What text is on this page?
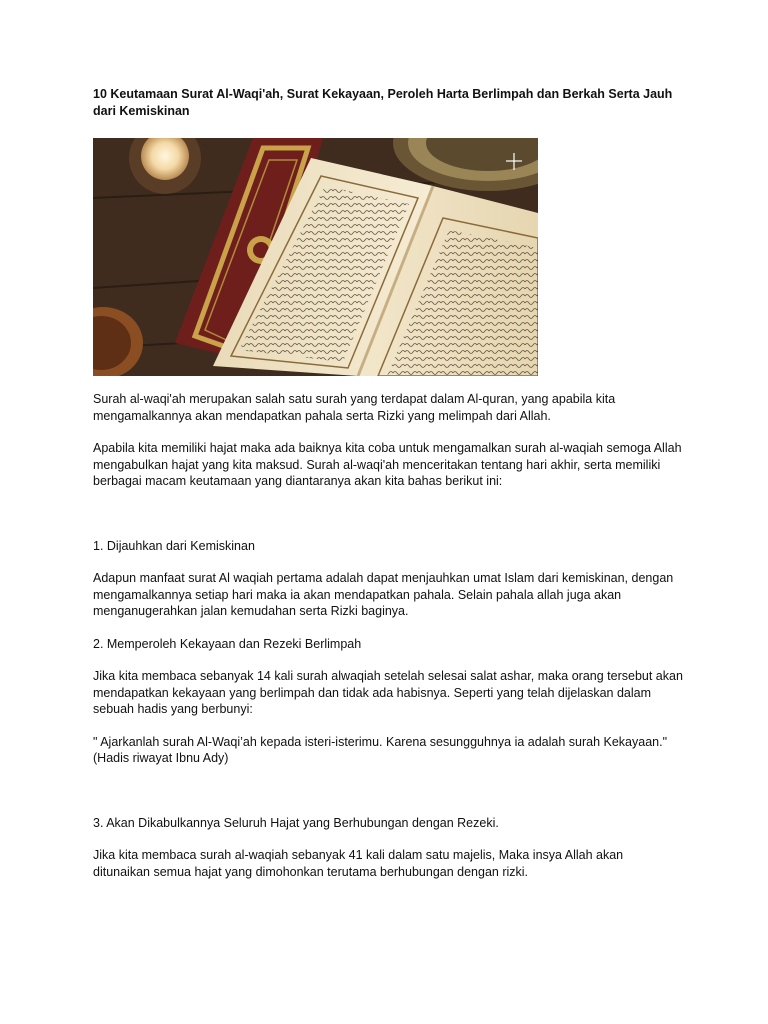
10 Keutamaan Surat Al-Waqi'ah, Surat Kekayaan, Peroleh Harta Berlimpah dan Berkah Serta Jauh dari Kemiskinan

Surah al-waqi'ah merupakan salah satu surah yang terdapat dalam Al-quran, yang apabila kita mengamalkannya akan mendapatkan pahala serta Rizki yang melimpah dari Allah.

Apabila kita memiliki hajat maka ada baiknya kita coba untuk mengamalkan surah al-waqiah semoga Allah mengabulkan hajat yang kita maksud. Surah al-waqi'ah menceritakan tentang hari akhir, serta memiliki berbagai macam keutamaan yang diantaranya akan kita bahas berikut ini:

1. Dijauhkan dari Kemiskinan

Adapun manfaat surat Al waqiah pertama adalah dapat menjauhkan umat Islam dari kemiskinan, dengan mengamalkannya setiap hari maka ia akan mendapatkan pahala. Selain pahala allah juga akan menganugerahkan jalan kemudahan serta Rizki baginya.

2. Memperoleh Kekayaan dan Rezeki Berlimpah

Jika kita membaca sebanyak 14 kali surah alwaqiah setelah selesai salat ashar, maka orang tersebut akan mendapatkan kekayaan yang berlimpah dan tidak ada habisnya. Seperti yang telah dijelaskan dalam sebuah hadis yang berbunyi:

" Ajarkanlah surah Al-Waqi’ah kepada isteri-isterimu. Karena sesungguhnya ia adalah surah Kekayaan." (Hadis riwayat Ibnu Ady)

3. Akan Dikabulkannya Seluruh Hajat yang Berhubungan dengan Rezeki.

Jika kita membaca surah al-waqiah sebanyak 41 kali dalam satu majelis, Maka insya Allah akan ditunaikan semua hajat yang dimohonkan terutama berhubungan dengan rizki.
